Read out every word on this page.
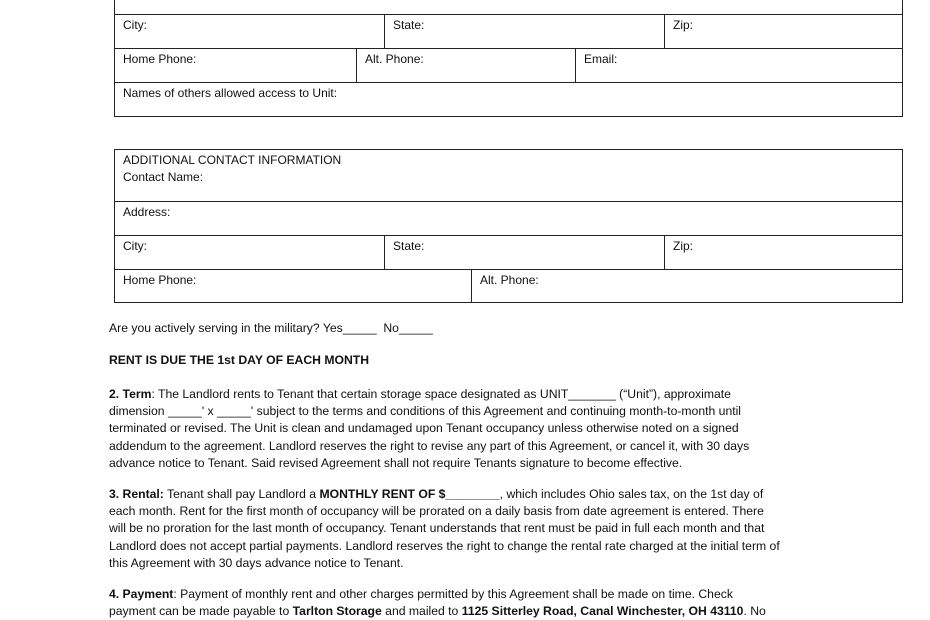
City:	State:	Zip:
Home Phone:	Alt. Phone:	Email:
Names of others allowed access to Unit:
ADDITIONAL CONTACT INFORMATION
Contact Name:
Address:
City:	State:	Zip:
Home Phone:	Alt. Phone:
Are you actively serving in the military? Yes_____  No_____
RENT IS DUE THE 1st DAY OF EACH MONTH
2. Term: The Landlord rents to Tenant that certain storage space designated as UNIT_______ (“Unit”), approximate
dimension _____' x _____' subject to the terms and conditions of this Agreement and continuing month-to-month until
terminated or revised. The Unit is clean and undamaged upon Tenant occupancy unless otherwise noted on a signed
addendum to the agreement. Landlord reserves the right to revise any part of this Agreement, or cancel it, with 30 days
advance notice to Tenant. Said revised Agreement shall not require Tenants signature to become effective.
3. Rental: Tenant shall pay Landlord a MONTHLY RENT OF $________, which includes Ohio sales tax, on the 1st day of
each month. Rent for the first month of occupancy will be prorated on a daily basis from date agreement is entered. There
will be no proration for the last month of occupancy. Tenant understands that rent must be paid in full each month and that
Landlord does not accept partial payments. Landlord reserves the right to change the rental rate charged at the initial term of
this Agreement with 30 days advance notice to Tenant.
4. Payment: Payment of monthly rent and other charges permitted by this Agreement shall be made on time. Check
payment can be made payable to Tarlton Storage and mailed to 1125 Sitterley Road, Canal Winchester, OH 43110. No
